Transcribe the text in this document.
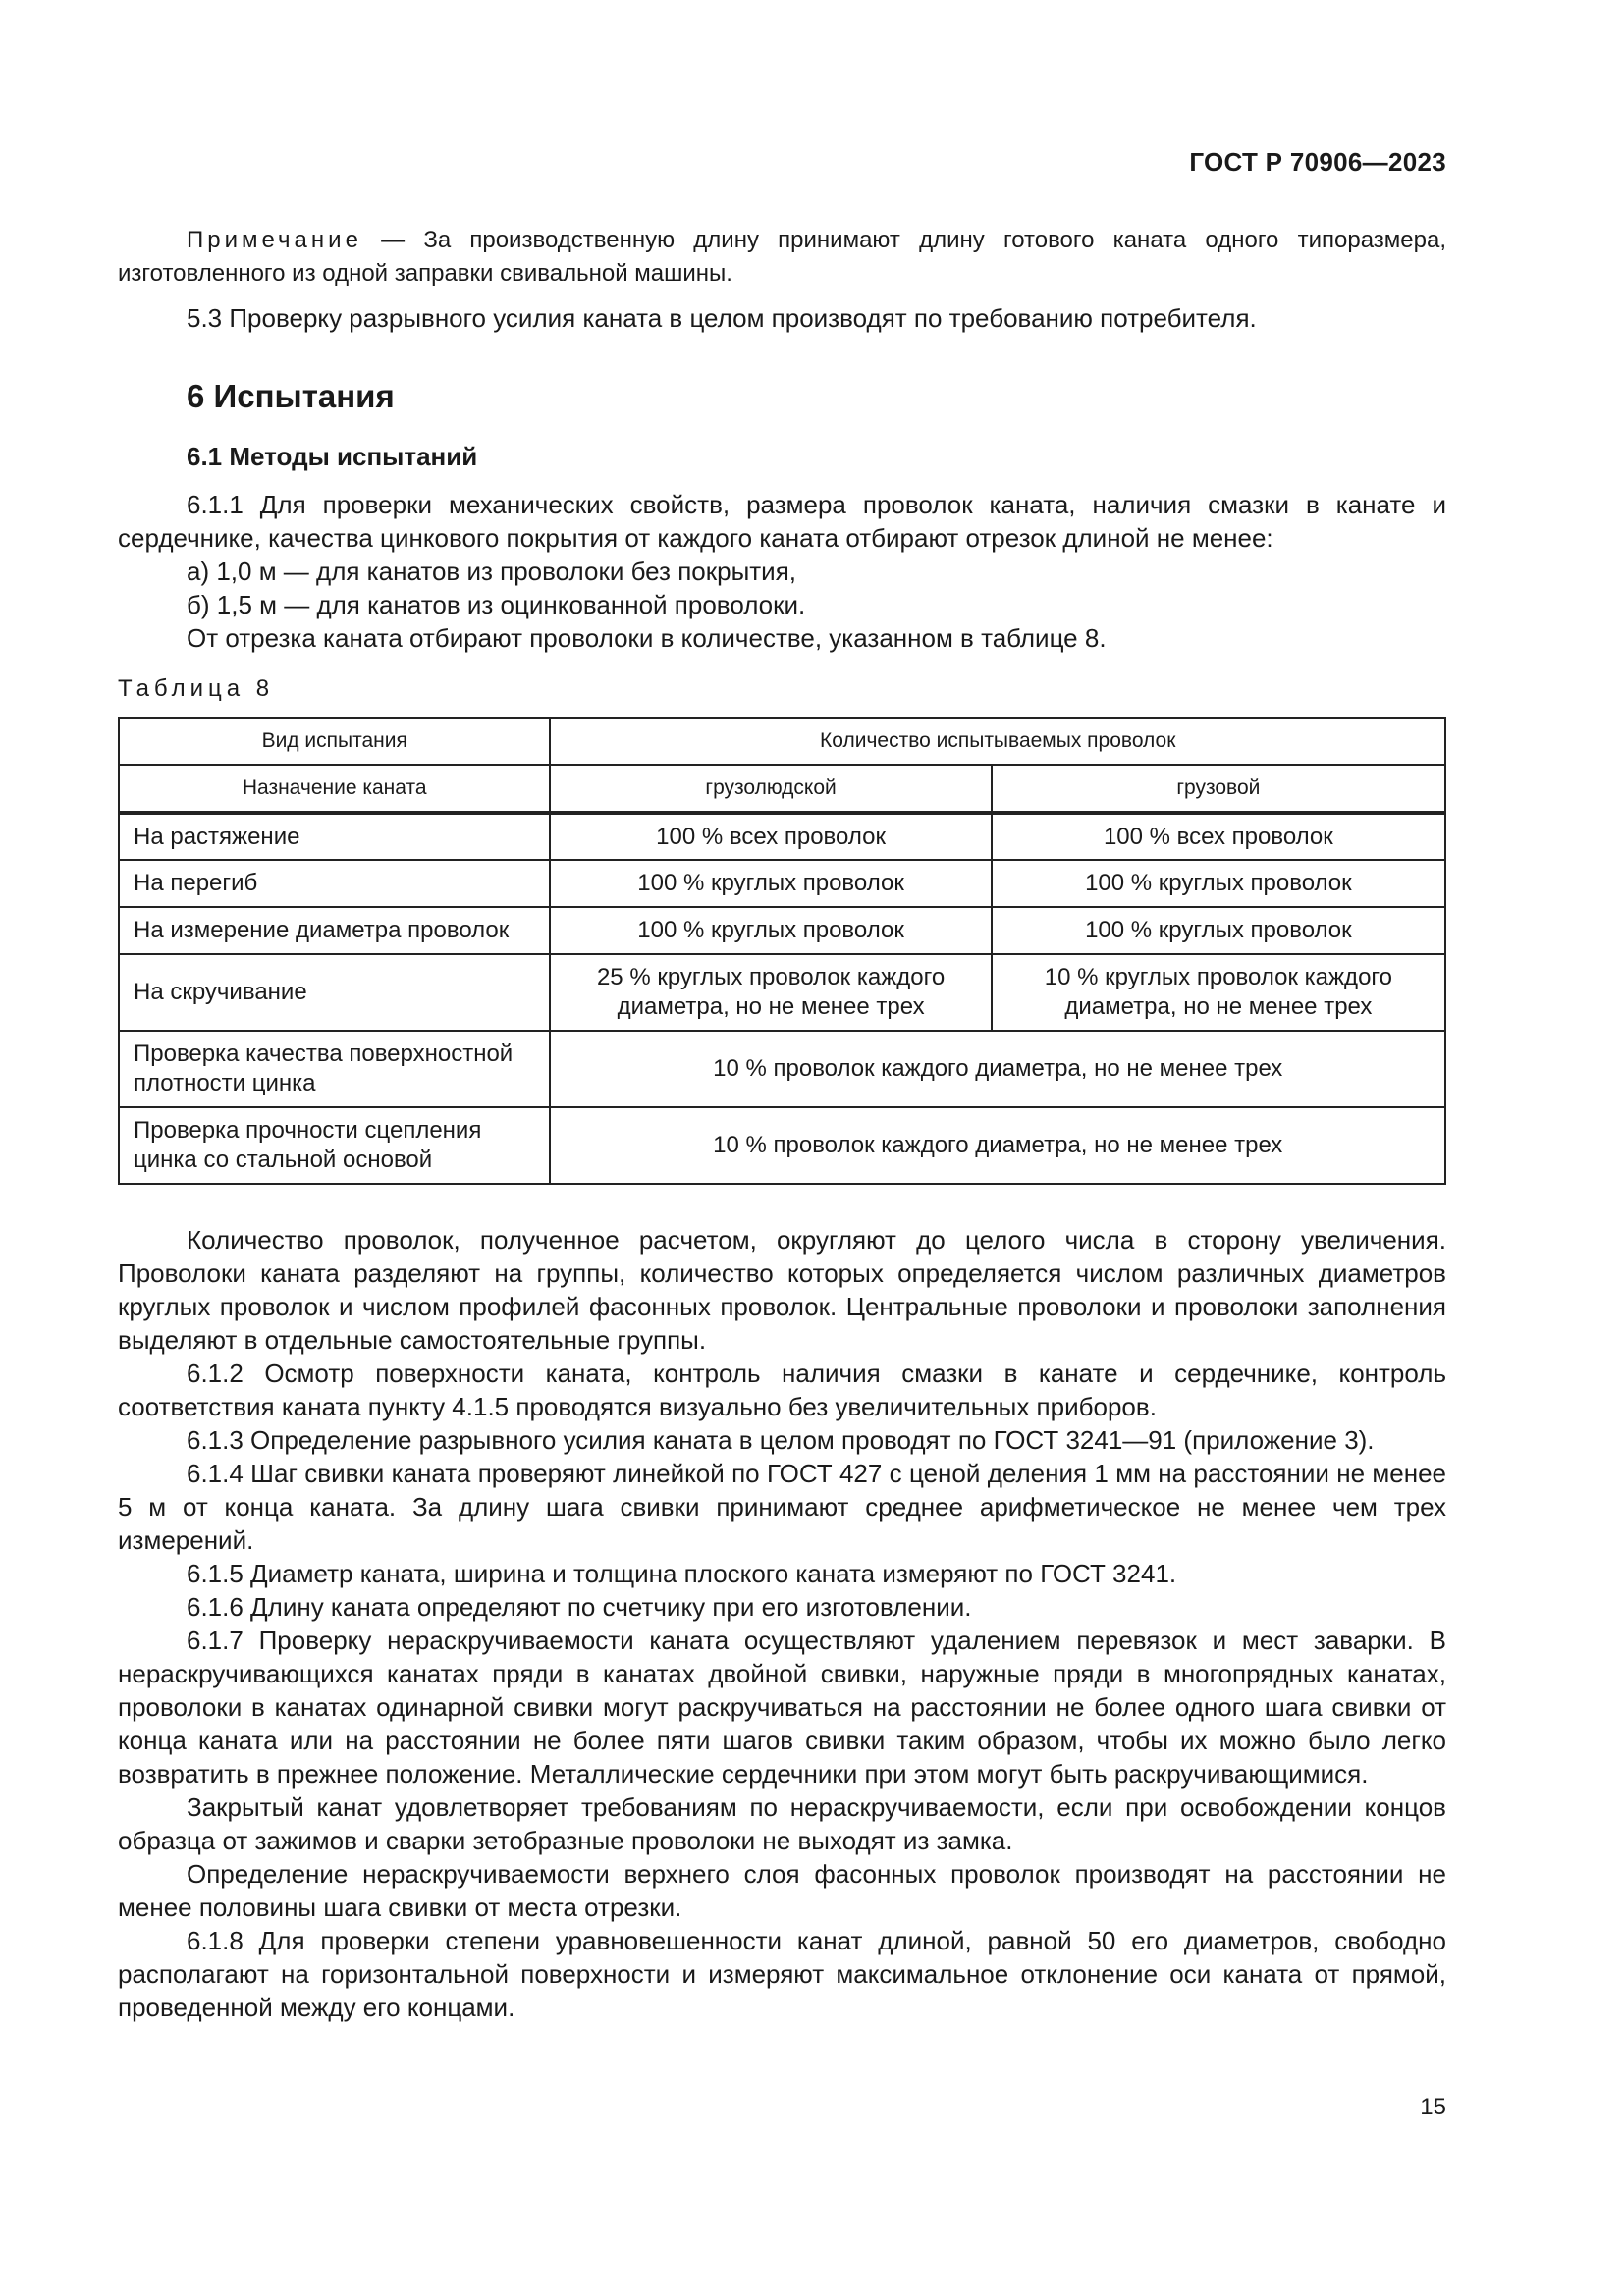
ГОСТ Р 70906—2023
Примечание — За производственную длину принимают длину готового каната одного типоразмера, изготовленного из одной заправки свивальной машины.

5.3 Проверку разрывного усилия каната в целом производят по требованию потребителя.

6 Испытания
6.1 Методы испытаний

6.1.1 Для проверки механических свойств, размера проволок каната, наличия смазки в канате и сердечнике, качества цинкового покрытия от каждого каната отбирают отрезок длиной не менее:

а) 1,0 м — для канатов из проволоки без покрытия,
б) 1,5 м — для канатов из оцинкованной проволоки.
От отрезка каната отбирают проволоки в количестве, указанном в таблице 8.
Таблица 8
Вид испытания	Количество испытываемых проволок	
Назначение каната	грузолюдской	грузовой
На растяжение	100 % всех проволок	100 % всех проволок
На перегиб	100 % круглых проволок	100 % круглых проволок
На измерение диаметра проволок	100 % круглых проволок	100 % круглых проволок
На скручивание	25 % круглых проволок каждого диаметра, но не менее трех	10 % круглых проволок каждого диаметра, но не менее трех
Проверка качества поверхностной плотности цинка	10 % проволок каждого диаметра, но не менее трех	
Проверка прочности сцепления цинка со стальной основой	10 % проволок каждого диаметра, но не менее трех	

Количество проволок, полученное расчетом, округляют до целого числа в сторону увеличения. Проволоки каната разделяют на группы, количество которых определяется числом различных диаметров круглых проволок и числом профилей фасонных проволок. Центральные проволоки и проволоки заполнения выделяют в отдельные самостоятельные группы.

6.1.2 Осмотр поверхности каната, контроль наличия смазки в канате и сердечнике, контроль соответствия каната пункту 4.1.5 проводятся визуально без увеличительных приборов.

6.1.3 Определение разрывного усилия каната в целом проводят по ГОСТ 3241—91 (приложение 3).

6.1.4 Шаг свивки каната проверяют линейкой по ГОСТ 427 с ценой деления 1 мм на расстоянии не менее 5 м от конца каната. За длину шага свивки принимают среднее арифметическое не менее чем трех измерений.

6.1.5 Диаметр каната, ширина и толщина плоского каната измеряют по ГОСТ 3241.

6.1.6 Длину каната определяют по счетчику при его изготовлении.

6.1.7 Проверку нераскручиваемости каната осуществляют удалением перевязок и мест заварки. В нераскручивающихся канатах пряди в канатах двойной свивки, наружные пряди в многопрядных канатах, проволоки в канатах одинарной свивки могут раскручиваться на расстоянии не более одного шага свивки от конца каната или на расстоянии не более пяти шагов свивки таким образом, чтобы их можно было легко возвратить в прежнее положение. Металлические сердечники при этом могут быть раскручивающимися.

Закрытый канат удовлетворяет требованиям по нераскручиваемости, если при освобождении концов образца от зажимов и сварки зетобразные проволоки не выходят из замка.

Определение нераскручиваемости верхнего слоя фасонных проволок производят на расстоянии не менее половины шага свивки от места отрезки.

6.1.8 Для проверки степени уравновешенности канат длиной, равной 50 его диаметров, свободно располагают на горизонтальной поверхности и измеряют максимальное отклонение оси каната от прямой, проведенной между его концами.

15
